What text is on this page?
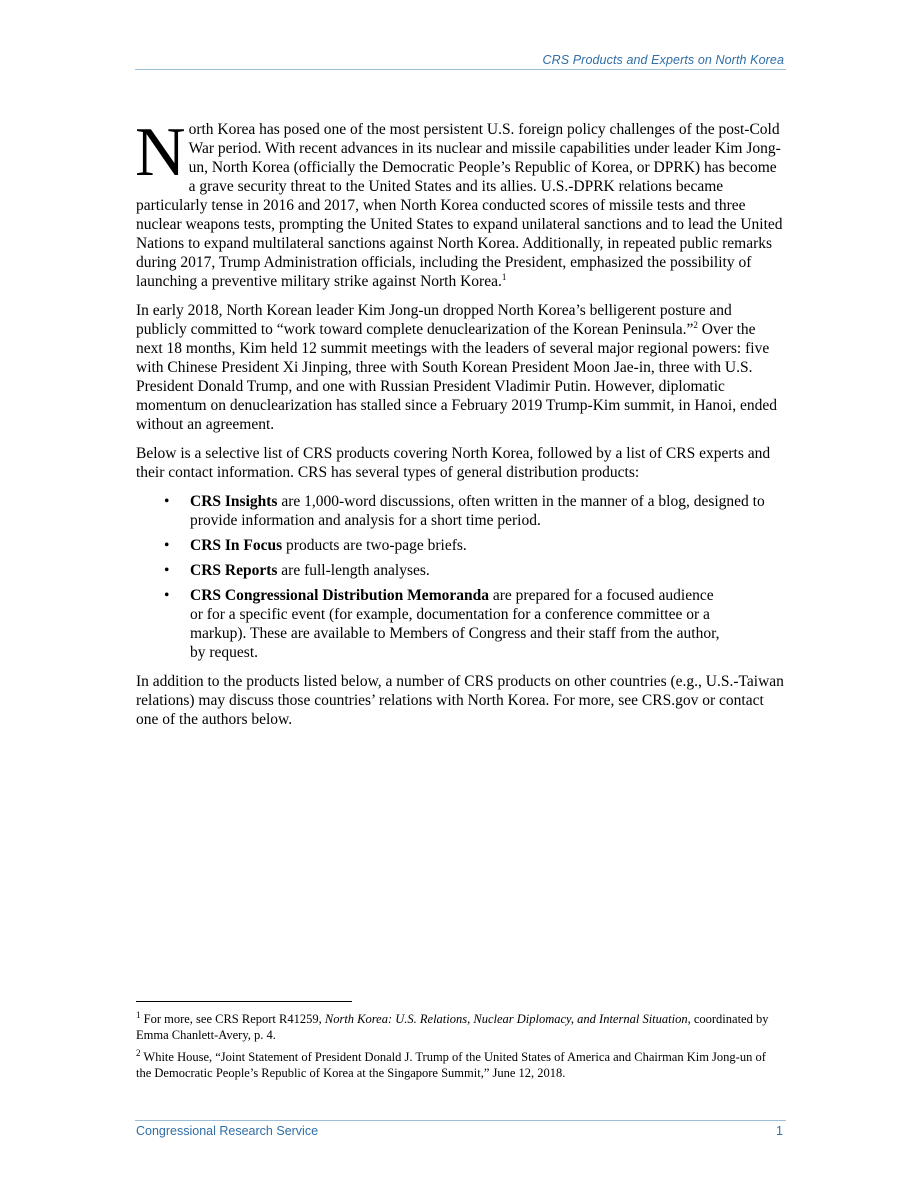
CRS Products and Experts on North Korea

North Korea has posed one of the most persistent U.S. foreign policy challenges of the post-Cold War period. With recent advances in its nuclear and missile capabilities under leader Kim Jong-un, North Korea (officially the Democratic People’s Republic of Korea, or DPRK) has become a grave security threat to the United States and its allies. U.S.-DPRK relations became particularly tense in 2016 and 2017, when North Korea conducted scores of missile tests and three nuclear weapons tests, prompting the United States to expand unilateral sanctions and to lead the United Nations to expand multilateral sanctions against North Korea. Additionally, in repeated public remarks during 2017, Trump Administration officials, including the President, emphasized the possibility of launching a preventive military strike against North Korea.$^1$

In early 2018, North Korean leader Kim Jong-un dropped North Korea’s belligerent posture and publicly committed to “work toward complete denuclearization of the Korean Peninsula.”$^2$ Over the next 18 months, Kim held 12 summit meetings with the leaders of several major regional powers: five with Chinese President Xi Jinping, three with South Korean President Moon Jae-in, three with U.S. President Donald Trump, and one with Russian President Vladimir Putin. However, diplomatic momentum on denuclearization has stalled since a February 2019 Trump-Kim summit, in Hanoi, ended without an agreement.

Below is a selective list of CRS products covering North Korea, followed by a list of CRS experts and their contact information. CRS has several types of general distribution products:

• CRS Insights are 1,000-word discussions, often written in the manner of a blog, designed to provide information and analysis for a short time period.
• CRS In Focus products are two-page briefs.
• CRS Reports are full-length analyses.
• CRS Congressional Distribution Memoranda are prepared for a focused audience or for a specific event (for example, documentation for a conference committee or a markup). These are available to Members of Congress and their staff from the author, by request.

In addition to the products listed below, a number of CRS products on other countries (e.g., U.S.-Taiwan relations) may discuss those countries’ relations with North Korea. For more, see CRS.gov or contact one of the authors below.

$^1$ For more, see CRS Report R41259, North Korea: U.S. Relations, Nuclear Diplomacy, and Internal Situation, coordinated by Emma Chanlett-Avery, p. 4.

$^2$ White House, “Joint Statement of President Donald J. Trump of the United States of America and Chairman Kim Jong-un of the Democratic People’s Republic of Korea at the Singapore Summit,” June 12, 2018.

Congressional Research Service	1
